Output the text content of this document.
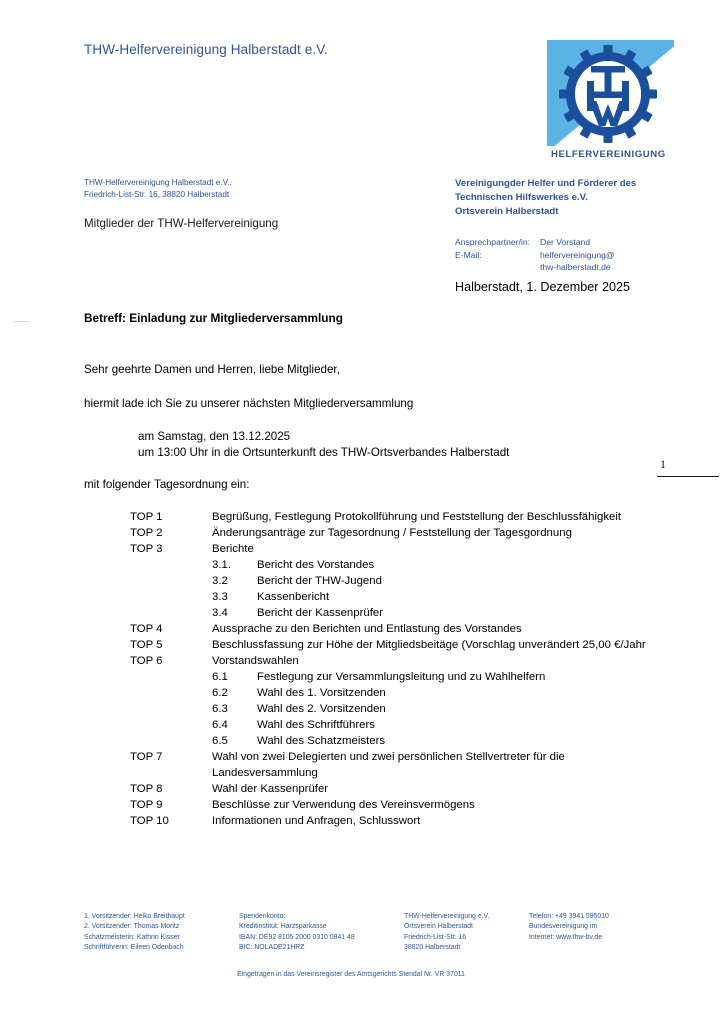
THW-Helfervereinigung Halberstadt e.V.
HELFERVEREINIGUNG
THW-Helfervereinigung Halberstadt e.V.,
Friedrich-List-Str. 16, 38820 Halberstadt
Mitglieder der THW-Helfervereinigung
Vereinigungder Helfer und Förderer des
Technischen Hilfswerkes e.V.
Ortsverein Halberstadt
Ansprechpartner/in:	Der Vorstand
E-Mail:	helfervereinigung@
thw-halberstadt.de
Halberstadt, 1. Dezember 2025
Betreff: Einladung zur Mitgliederversammlung
Sehr geehrte Damen und Herren, liebe Mitglieder,
hiermit lade ich Sie zu unserer nächsten Mitgliederversammlung
am Samstag, den 13.12.2025
um 13:00 Uhr in die Ortsunterkunft des THW-Ortsverbandes Halberstadt
mit folgender Tagesordnung ein:
1
TOP 1	Begrüßung, Festlegung Protokollführung und Feststellung der Beschlussfähigkeit
TOP 2	Änderungsanträge zur Tagesordnung / Feststellung der Tagesgordnung
TOP 3	Berichte
3.1.	Bericht des Vorstandes
3.2	Bericht der THW-Jugend
3.3	Kassenbericht
3.4	Bericht der Kassenprüfer
TOP 4	Aussprache zu den Berichten und Entlastung des Vorstandes
TOP 5	Beschlussfassung zur Höhe der Mitgliedsbeitäge (Vorschlag unverändert 25,00 €/Jahr
TOP 6	Vorstandswahlen
6.1	Festlegung zur Versammlungsleitung und zu Wahlhelfern
6.2	Wahl des 1. Vorsitzenden
6.3	Wahl des 2. Vorsitzenden
6.4	Wahl des Schriftführers
6.5	Wahl des Schatzmeisters
TOP 7	Wahl von zwei Delegierten und zwei persönlichen Stellvertreter für die Landesversammlung
TOP 8	Wahl der Kassenprüfer
TOP 9	Beschlüsse zur Verwendung des Vereinsvermögens
TOP 10	Informationen und Anfragen, Schlusswort
1. Vorsitzender: Heiko Breithaupt
2. Vorsitzender: Thomas Moritz
Schatzmeisterin: Kathrin Kisser
Schriftführerin: Eileen Odenbach
Spendenkonto:
Kreditinstitut: Harzsparkasse
IBAN: DE92 8105 2000 0310 0841 48
BIC: NOLADE21HRZ
THW-Helfervereinigung e.V.
Ortsverein Halberstadt
Friedrich-List-Str. 16
38820 Halberstadt
Telefon: +49 3941 595010
Bundesvereinigung im
Internet: www.thw-bv.de
Eingetragen in das Vereinsregister des Amtsgerichts Stendal Nr. VR 37011
